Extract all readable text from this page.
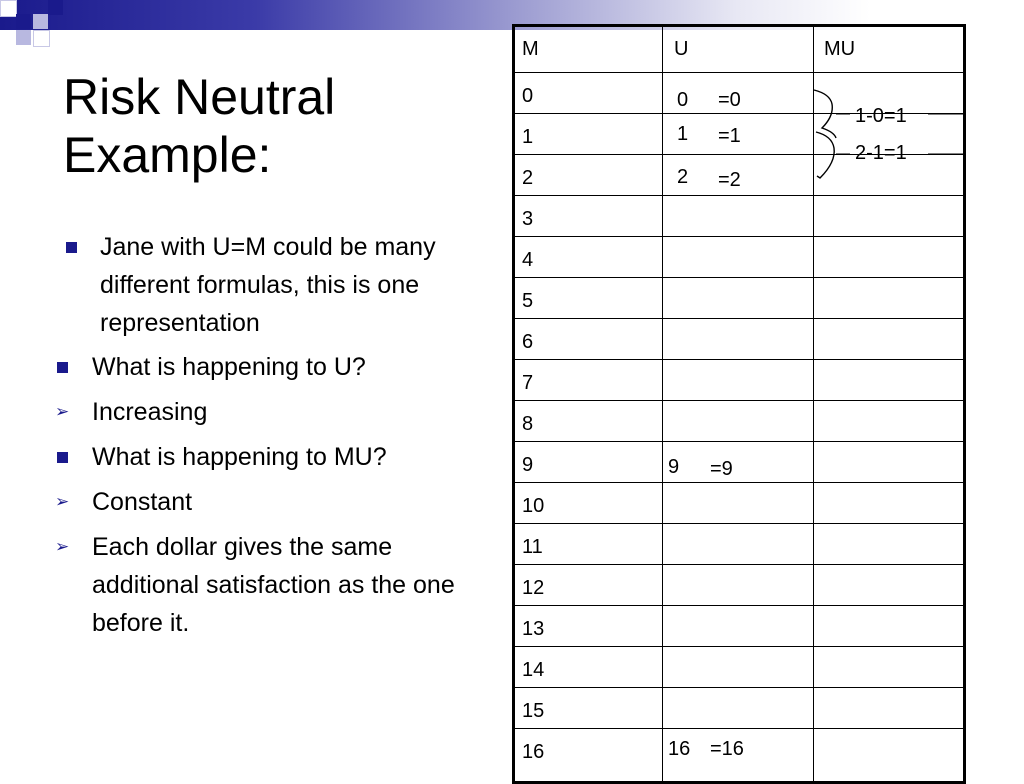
Risk Neutral Example:
Jane with U=M could be many different formulas, this is one representation
What is happening to U?
➢ Increasing
What is happening to MU?
➢ Constant
➢ Each dollar gives the same additional satisfaction as the one before it.
M	U	MU
0
1
2
3
4
5
6
7
8
9
10
11
12
13
14
15
16
0 =0
1 =1
2 =2
9 =9
16 =16
1-0=1
2-1=1
